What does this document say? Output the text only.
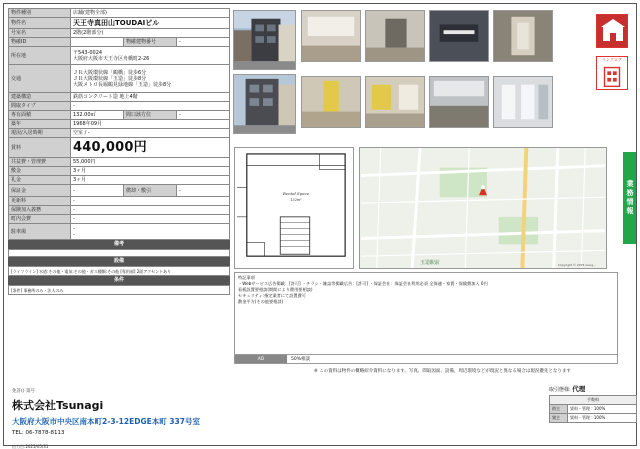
物件種別	店舗(建物全部)		
物件名	天王寺真田山TOUDAIビル		
号室名	2階(2階部分)		
物確ID		物確建物番号	-
所在地	〒543-0024
大阪府大阪市天王寺区舟橋町2-26		

交通	ＪＲ大阪環状線「鶴橋」徒歩6分
ＪＲ大阪環状線「玉造」徒歩8分
大阪メトロ長堀鶴見緑地線「玉造」徒歩8分		

建築構造	鉄筋コンクリート造 地上4階		
間取タイプ	-		
専有面積	132.00㎡	間口該方位	-
築年	1968年09月		
現況/入居時期	空室 / -		
賃料	440,000円		
共益費・管理費	55,000円		
敷金	3ヶ月		
礼金	3ヶ月		
保証金	-	償却・敷引	-
更新料	-		
保険加入義務	-		
町内会費	-		
駐車場	-
-		
備考
設備
[ライフライン] 水道:その他・電気:その他・ガス種類:その他 [専用部] 2面アクセントあり
条件
[条件] 事務所のみ・法人のみ
リンクロア
Rental Space
132m²
玉造駅前	Copyright © 2025 Goog...
業務情報
特記事項
・Webサービス広告掲載：[許可] ・チラシ・雑誌等掲載広告：[許可] ・保証会社：保証会社利用必須 全保連・家賃・保険費加入 0円
看板設置要相談(期間により費用要相談)
セキュリティ:指定業者にて設置費可
敷金平方(その他要相談)
AD	50%相談
※ この資料は物件の概略紹介資料になります。写真、間取図面、設備、周辺環境などが現況と異なる場合は現況優先となります
免許() 第号
株式会社Tsunagi
大阪府大阪市中央区南本町2-3-12EDGE本町 337号室
TEL: 06-7878-8113
出力日:2025/05/31
取引態様: 代理
手数料	
借主	賃料・管理 : 100%
貸主	賃料・管理 : 100%
